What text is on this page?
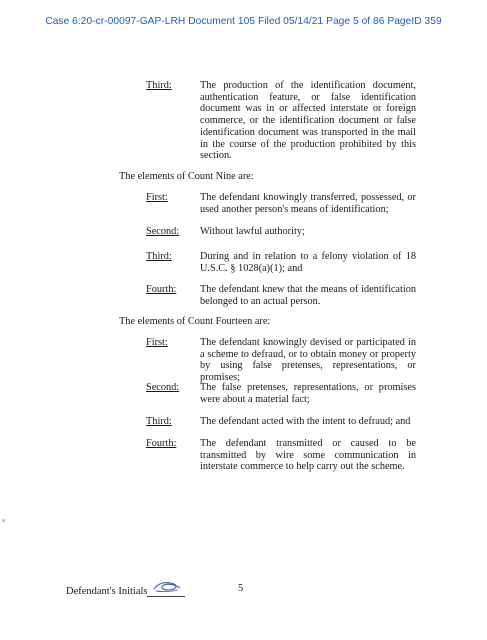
Case 6:20-cr-00097-GAP-LRH Document 105 Filed 05/14/21 Page 5 of 86 PageID 359
Third:	The production of the identification document, authentication feature, or false identification document was in or affected interstate or foreign commerce, or the identification document or false identification document was transported in the mail in the course of the production prohibited by this section.
The elements of Count Nine are:
First:	The defendant knowingly transferred, possessed, or used another person's means of identification;
Second: Without lawful authority;
Third:	During and in relation to a felony violation of 18 U.S.C. § 1028(a)(1); and
Fourth: The defendant knew that the means of identification belonged to an actual person.
The elements of Count Fourteen are:
First:	The defendant knowingly devised or participated in a scheme to defraud, or to obtain money or property by using false pretenses, representations, or promises;
Second: The false pretenses, representations, or promises were about a material fact;
Third:	The defendant acted with the intent to defraud; and
Fourth: The defendant transmitted or caused to be transmitted by wire some communication in interstate commerce to help carry out the scheme.
Defendant's Initials	5
